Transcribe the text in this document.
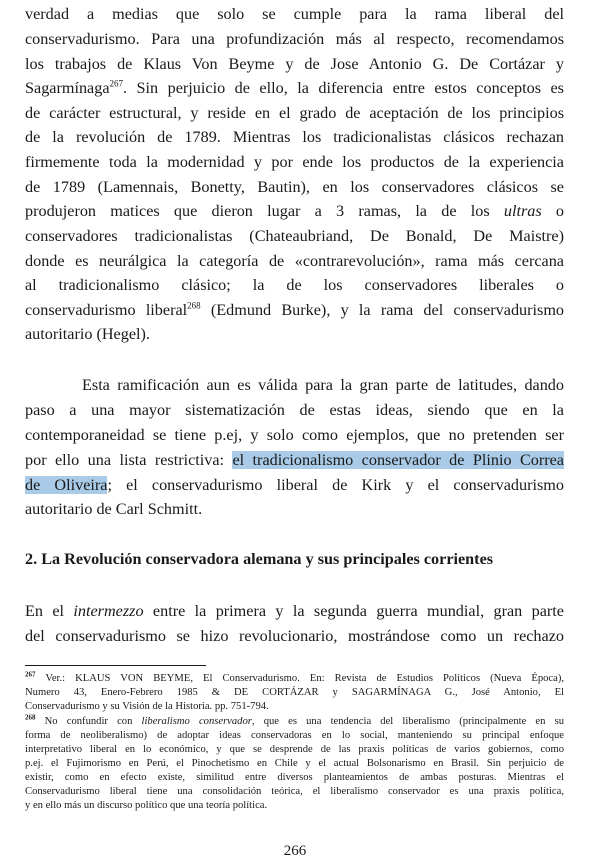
verdad a medias que solo se cumple para la rama liberal del
conservadurismo. Para una profundización más al respecto, recomendamos
los trabajos de Klaus Von Beyme y de Jose Antonio G. De Cortázar y
Sagarmínaga$^{267}$. Sin perjuicio de ello, la diferencia entre estos conceptos es
de carácter estructural, y reside en el grado de aceptación de los principios
de la revolución de 1789. Mientras los tradicionalistas clásicos rechazan
firmemente toda la modernidad y por ende los productos de la experiencia
de 1789 (Lamennais, Bonetty, Bautin), en los conservadores clásicos se
produjeron matices que dieron lugar a 3 ramas, la de los ultras o
conservadores tradicionalistas (Chateaubriand, De Bonald, De Maistre)
donde es neurálgica la categoría de «contrarevolución», rama más cercana
al tradicionalismo clásico; la de los conservadores liberales o
conservadurismo liberal$^{268}$ (Edmund Burke), y la rama del conservadurismo
autoritario (Hegel).
Esta ramificación aun es válida para la gran parte de latitudes, dando
paso a una mayor sistematización de estas ideas, siendo que en la
contemporaneidad se tiene p.ej, y solo como ejemplos, que no pretenden ser
por ello una lista restrictiva: el tradicionalismo conservador de Plinio Correa
de Oliveira; el conservadurismo liberal de Kirk y el conservadurismo
autoritario de Carl Schmitt.
2. La Revolución conservadora alemana y sus principales corrientes
En el intermezzo entre la primera y la segunda guerra mundial, gran parte
del conservadurismo se hizo revolucionario, mostrándose como un rechazo
$^{267}$ Ver.: KLAUS VON BEYME, El Conservadurismo. En: Revista de Estudios Políticos (Nueva Época),
Numero 43, Enero-Febrero 1985 & DE CORTÁZAR y SAGARMÍNAGA G., José Antonio, El
Conservadurismo y su Visión de la Historia. pp. 751-794.
$^{268}$ No confundir con liberalismo conservador, que es una tendencia del liberalismo (principalmente en su
forma de neoliberalismo) de adoptar ideas conservadoras en lo social, manteniendo su principal enfoque
interpretativo liberal en lo económico, y que se desprende de las praxis políticas de varios gobiernos, como
p.ej. el Fujimorismo en Perú, el Pinochetismo en Chile y el actual Bolsonarismo en Brasil. Sin perjuicio de
existir, como en efecto existe, similitud entre diversos planteamientos de ambas posturas. Mientras el
Conservadurismo liberal tiene una consolidación teórica, el liberalismo conservador es una praxis política,
y en ello más un discurso político que una teoría política.
266
